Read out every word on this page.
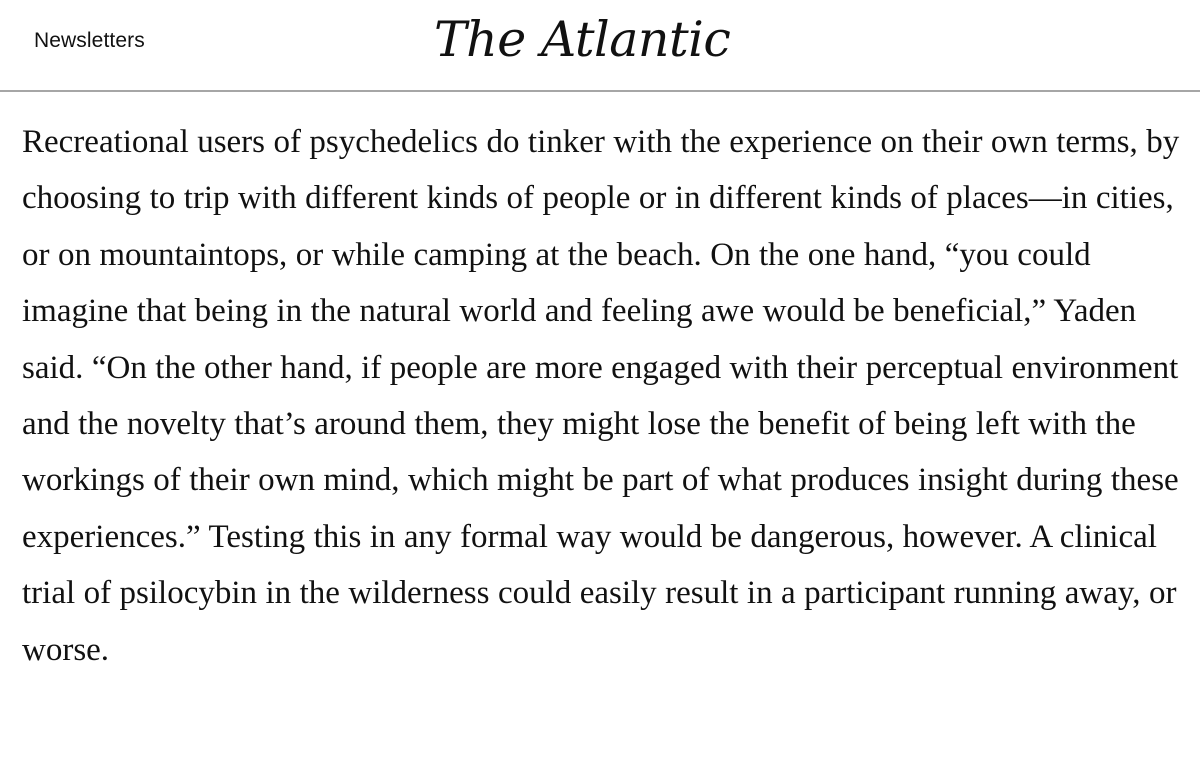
Newsletters	The Atlantic

Recreational users of psychedelics do tinker with the experience on their own terms, by choosing to trip with different kinds of people or in different kinds of places—in cities, or on mountaintops, or while camping at the beach. On the one hand, “you could imagine that being in the natural world and feeling awe would be beneficial,” Yaden said. “On the other hand, if people are more engaged with their perceptual environment and the novelty that’s around them, they might lose the benefit of being left with the workings of their own mind, which might be part of what produces insight during these experiences.” Testing this in any formal way would be dangerous, however. A clinical trial of psilocybin in the wilderness could easily result in a participant running away, or worse.
